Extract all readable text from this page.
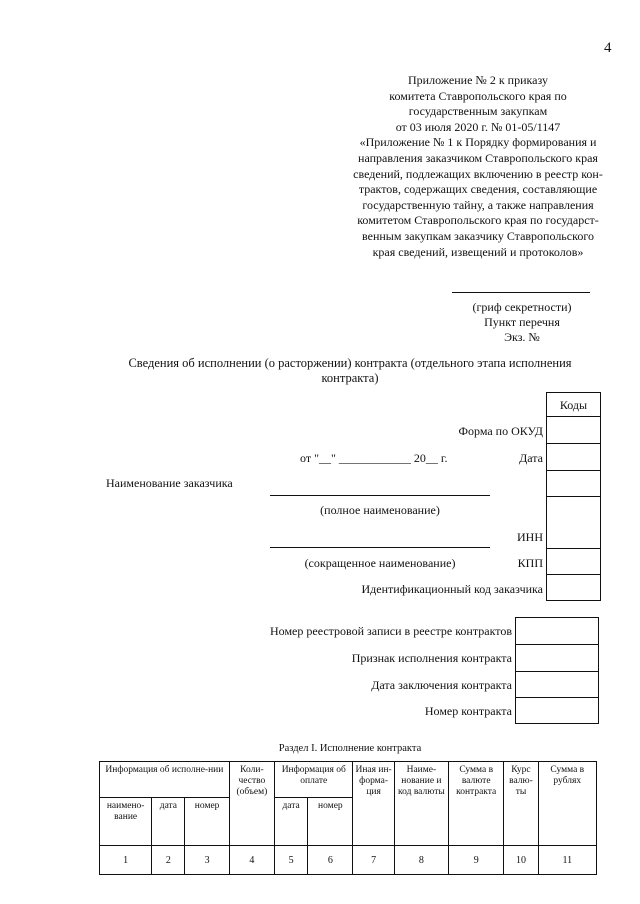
4
Приложение № 2 к приказу
комитета Ставропольского края по
государственным закупкам
от 03 июля 2020 г. № 01-05/1147
«Приложение № 1 к Порядку формирования и
направления заказчиком Ставропольского края
сведений, подлежащих включению в реестр кон-
трактов, содержащих сведения, составляющие
государственную тайну, а также направления
комитетом Ставропольского края по государст-
венным закупкам заказчику Ставропольского
края сведений, извещений и протоколов»
(гриф секретности)
Пункт перечня
Экз. №
Сведения об исполнении (о расторжении) контракта (отдельного этапа исполнения контракта)
Коды
Форма по ОКУД
от "__" ____________ 20__ г.	Дата
Наименование заказчика
(полное наименование)
ИНН
(сокращенное наименование)	КПП
Идентификационный код заказчика
Номер реестровой записи в реестре контрактов
Признак исполнения контракта
Дата заключения контракта
Номер контракта
Раздел I. Исполнение контракта
Информация об исполне-нии			Коли-чество (объем)	Информация об оплате		Иная ин-форма-ция	Наиме-нование и код валюты	Сумма в валюте контракта	Курс валю-ты	Сумма в рублях
наимено-вание	дата	номер		дата	номер					
1	2	3	4	5	6	7	8	9	10	11
